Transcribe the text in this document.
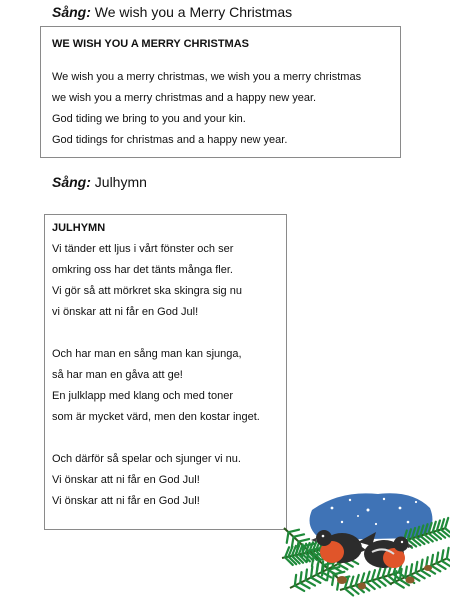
Sång: We wish you a Merry Christmas
WE WISH YOU A MERRY CHRISTMAS
We wish you a merry christmas, we wish you a merry christmas
we wish you a merry christmas and a happy new year.
God tiding we bring to you and your kin.
God tidings for christmas and a happy new year.
Sång: Julhymn
JULHYMN
Vi tänder ett ljus i vårt fönster och ser
omkring oss har det tänts många fler.
Vi gör så att mörkret ska skingra sig nu
vi önskar att ni får en God Jul!
Och har man en sång man kan sjunga,
så har man en gåva att ge!
En julklapp med klang och med toner
som är mycket värd, men den kostar inget.
Och därför så spelar och sjunger vi nu.
Vi önskar att ni får en God Jul!
Vi önskar att ni får en God Jul!
